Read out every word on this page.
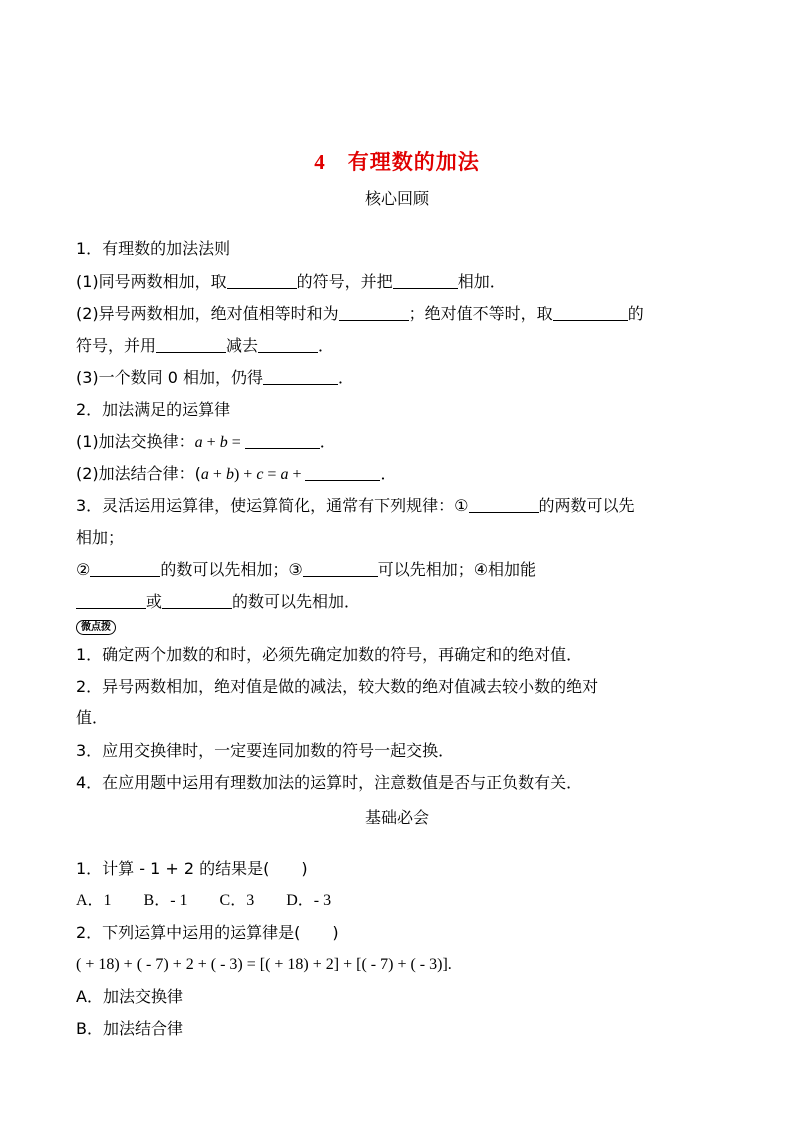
4 有理数的加法
核心回顾
1．有理数的加法法则
(1)同号两数相加，取	的符号，并把	相加．
(2)异号两数相加，绝对值相等时和为	；绝对值不等时，取	的
符号，并用	减去	．
(3)一个数同 0 相加，仍得	．
2．加法满足的运算律
(1)加法交换律：a + b =	．
(2)加法结合律：(a + b) + c = a +	．
3．灵活运用运算律，使运算简化，通常有下列规律：①	的两数可以先
相加；
②	的数可以先相加；③	可以先相加；④相加能
或	的数可以先相加．
微点拨
1．确定两个加数的和时，必须先确定加数的符号，再确定和的绝对值．
2．异号两数相加，绝对值是做的减法，较大数的绝对值减去较小数的绝对
值．
3．应用交换律时，一定要连同加数的符号一起交换．
4．在应用题中运用有理数加法的运算时，注意数值是否与正负数有关．
基础必会
1．计算 - 1 + 2 的结果是(　　)
A．1　　B．- 1　　C．3　　D．- 3
2．下列运算中运用的运算律是(　　)
( + 18) + ( - 7) + 2 + ( - 3) = [( + 18) + 2] + [( - 7) + ( - 3)].
A．加法交换律
B．加法结合律
